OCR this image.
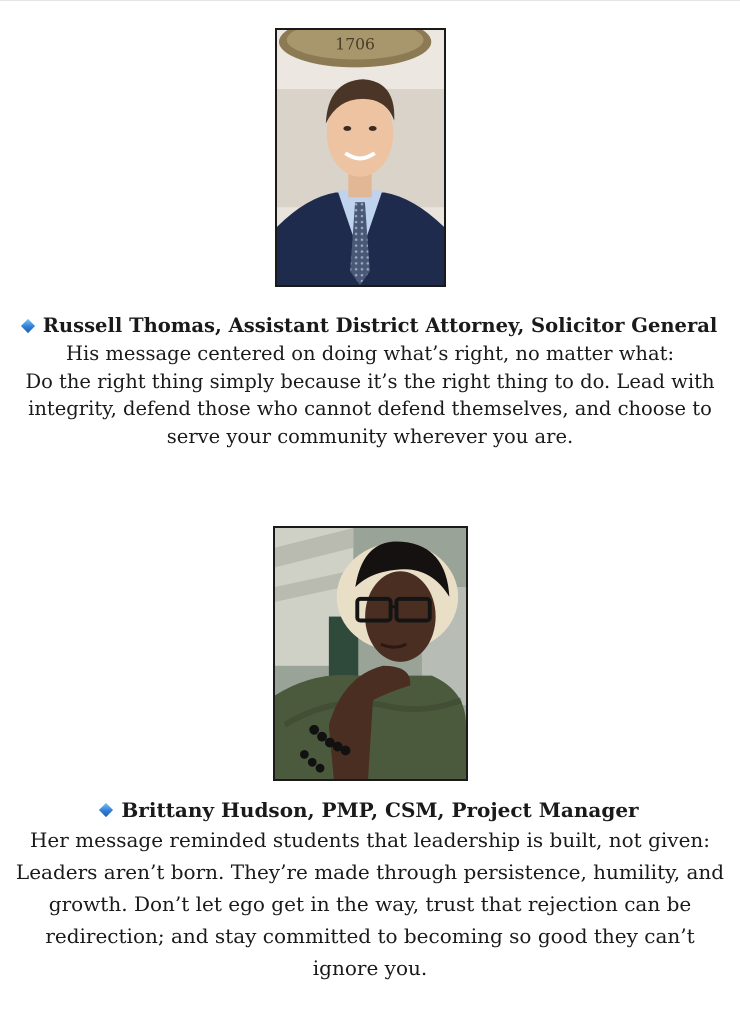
1706
Russell Thomas, Assistant District Attorney, Solicitor General
His message centered on doing what’s right, no matter what:
Do the right thing simply because it’s the right thing to do. Lead with
integrity, defend those who cannot defend themselves, and choose to
serve your community wherever you are.
Brittany Hudson, PMP, CSM, Project Manager
Her message reminded students that leadership is built, not given:
Leaders aren’t born. They’re made through persistence, humility, and
growth. Don’t let ego get in the way, trust that rejection can be
redirection; and stay committed to becoming so good they can’t
ignore you.
